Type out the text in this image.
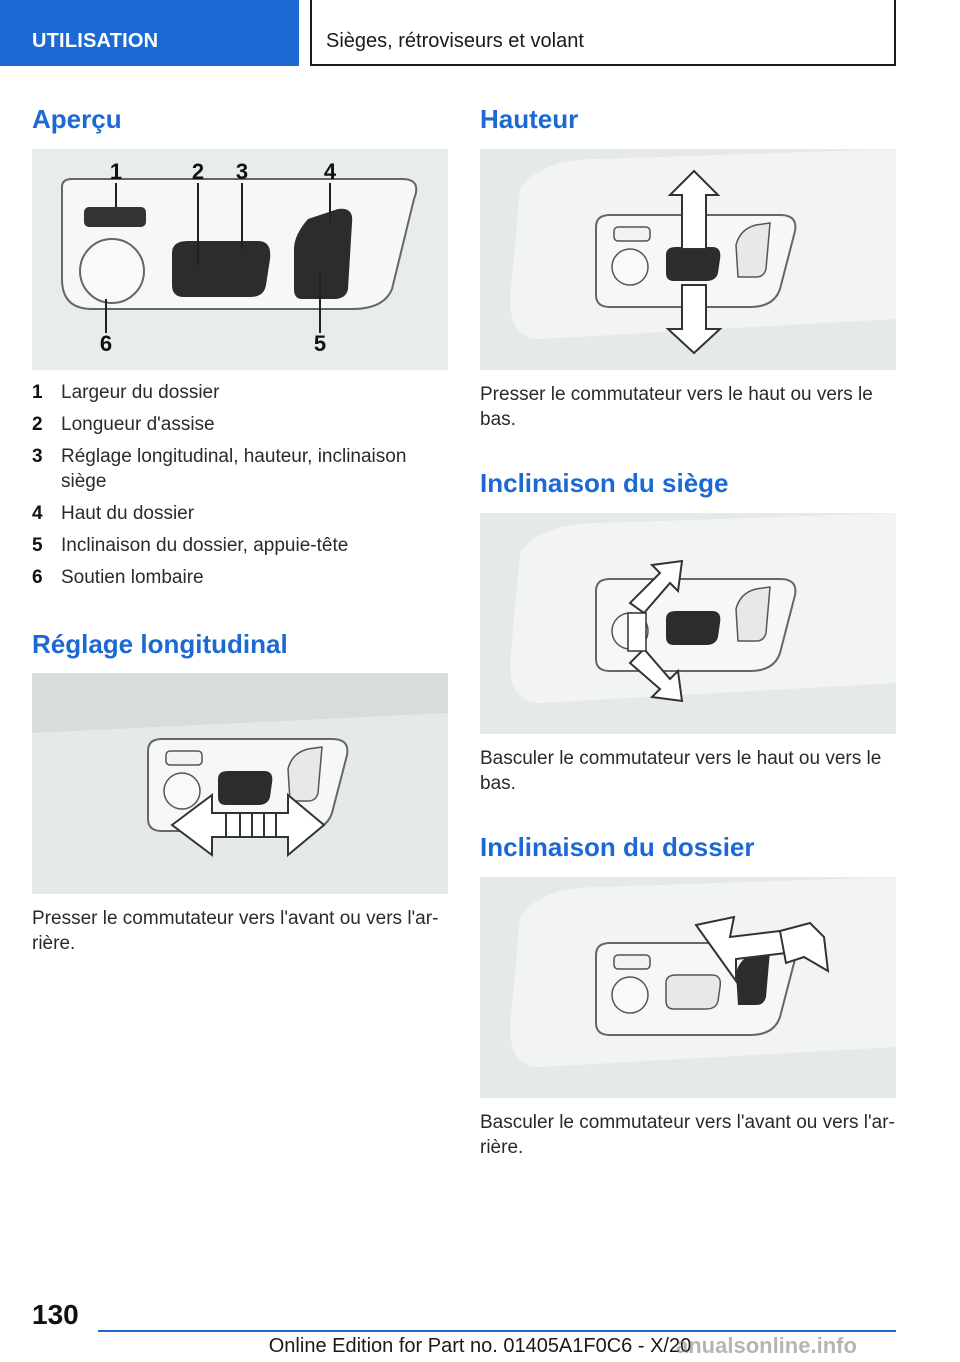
UTILISATION	Sièges, rétroviseurs et volant
Aperçu
1	2 3	4
5
6
1 Largeur du dossier
2 Longueur d'assise
3 Réglage longitudinal, hauteur, inclinaison siège
4 Haut du dossier
5 Inclinaison du dossier, appuie-tête
6 Soutien lombaire
Réglage longitudinal
Presser le commutateur vers l'avant ou vers l'ar-rière.
Hauteur
Presser le commutateur vers le haut ou vers le bas.
Inclinaison du siège
Basculer le commutateur vers le haut ou vers le bas.
Inclinaison du dossier
Basculer le commutateur vers l'avant ou vers l'ar-rière.
130
Online Edition for Part no. 01405A1F0C6 - X/20
anualsonline.info
